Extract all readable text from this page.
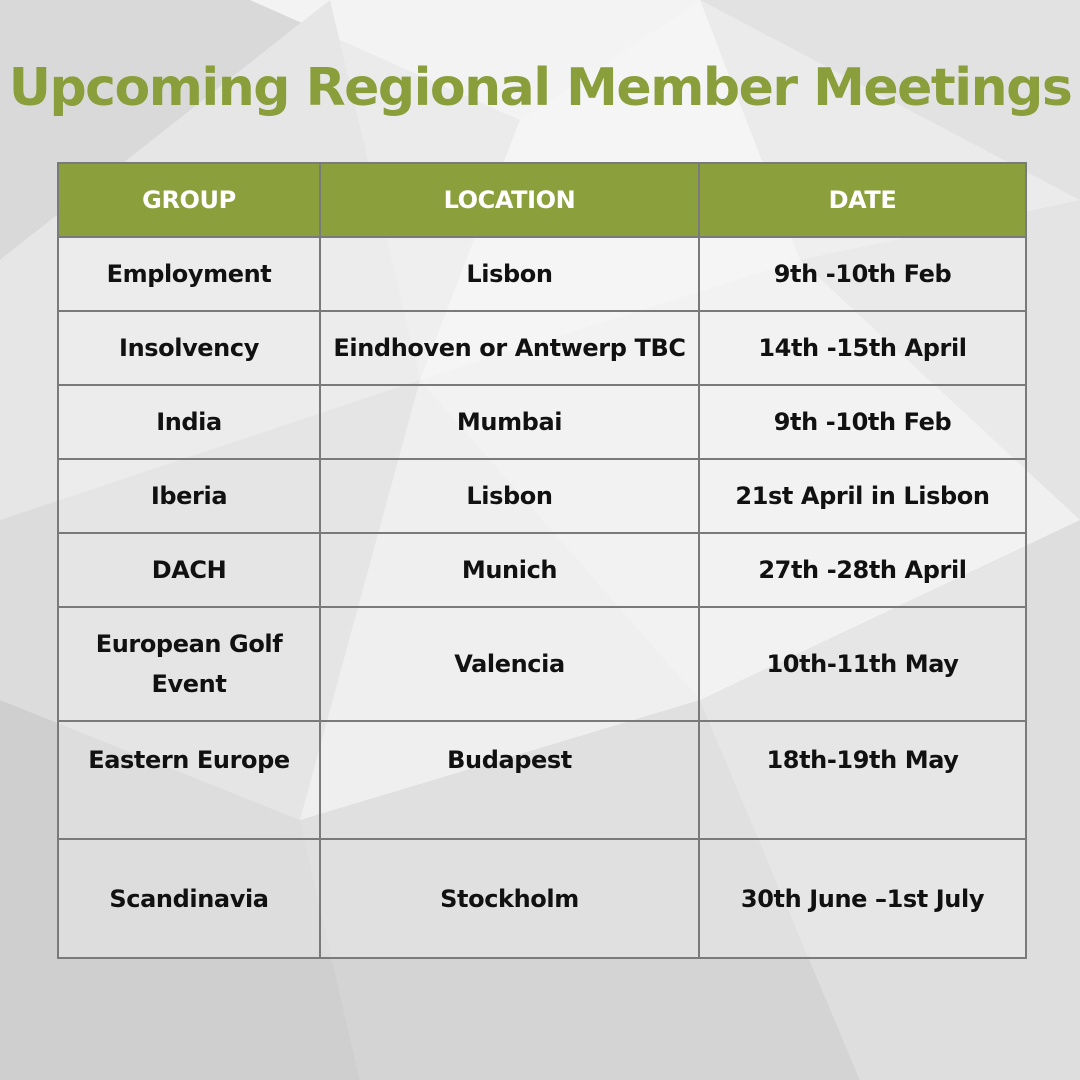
Upcoming Regional Member Meetings
GROUP	LOCATION	DATE
Employment	Lisbon	9th -10th Feb
Insolvency	Eindhoven or Antwerp TBC	14th -15th April
India	Mumbai	9th -10th Feb
Iberia	Lisbon	21st April in Lisbon
DACH	Munich	27th -28th April
European Golf Event	Valencia	10th-11th May
Eastern Europe	Budapest	18th-19th May
Scandinavia	Stockholm	30th June –1st July
